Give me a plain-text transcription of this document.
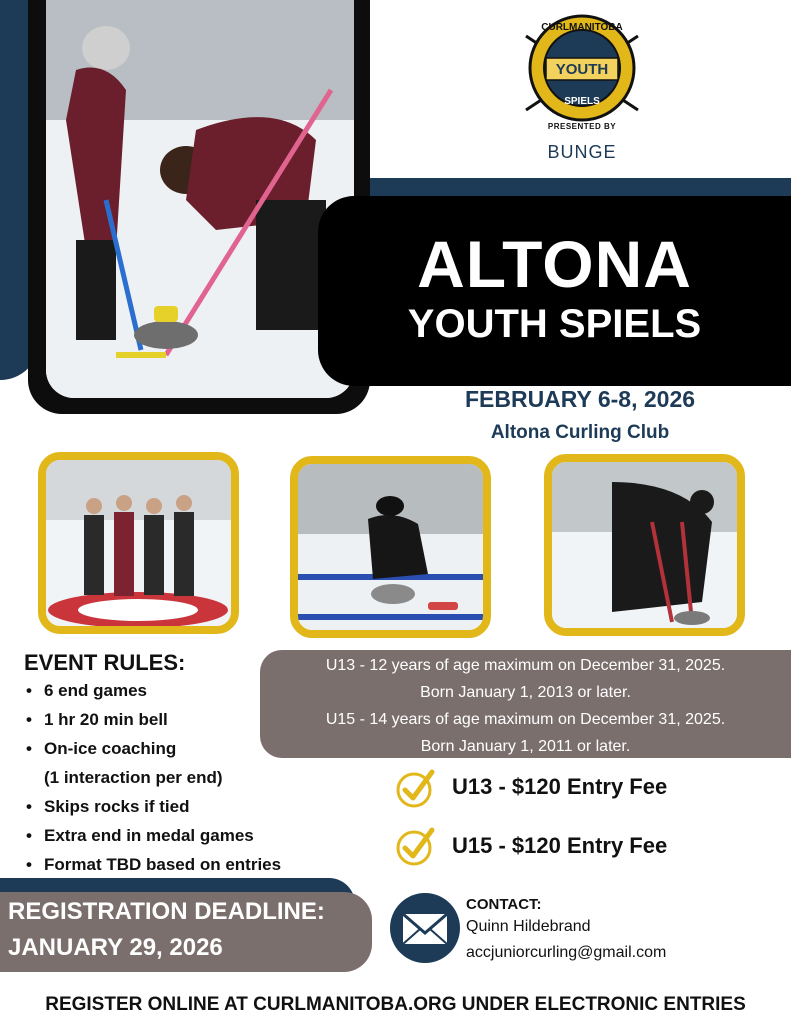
CURLMANITOBA
YOUTH
SPIELS
PRESENTED BY
BUNGE
ALTONA
YOUTH SPIELS
FEBRUARY 6-8, 2026
Altona Curling Club
EVENT RULES:
• 6 end games
• 1 hr 20 min bell
• On-ice coaching
(1 interaction per end)
• Skips rocks if tied
• Extra end in medal games
• Format TBD based on entries
U13 - 12 years of age maximum on December 31, 2025.
Born January 1, 2013 or later.
U15 - 14 years of age maximum on December 31, 2025.
Born January 1, 2011 or later.
U13 - $120 Entry Fee
U15 - $120 Entry Fee
REGISTRATION DEADLINE:
JANUARY 29, 2026
CONTACT:
Quinn Hildebrand
accjuniorcurling@gmail.com
REGISTER ONLINE AT CURLMANITOBA.ORG UNDER ELECTRONIC ENTRIES
